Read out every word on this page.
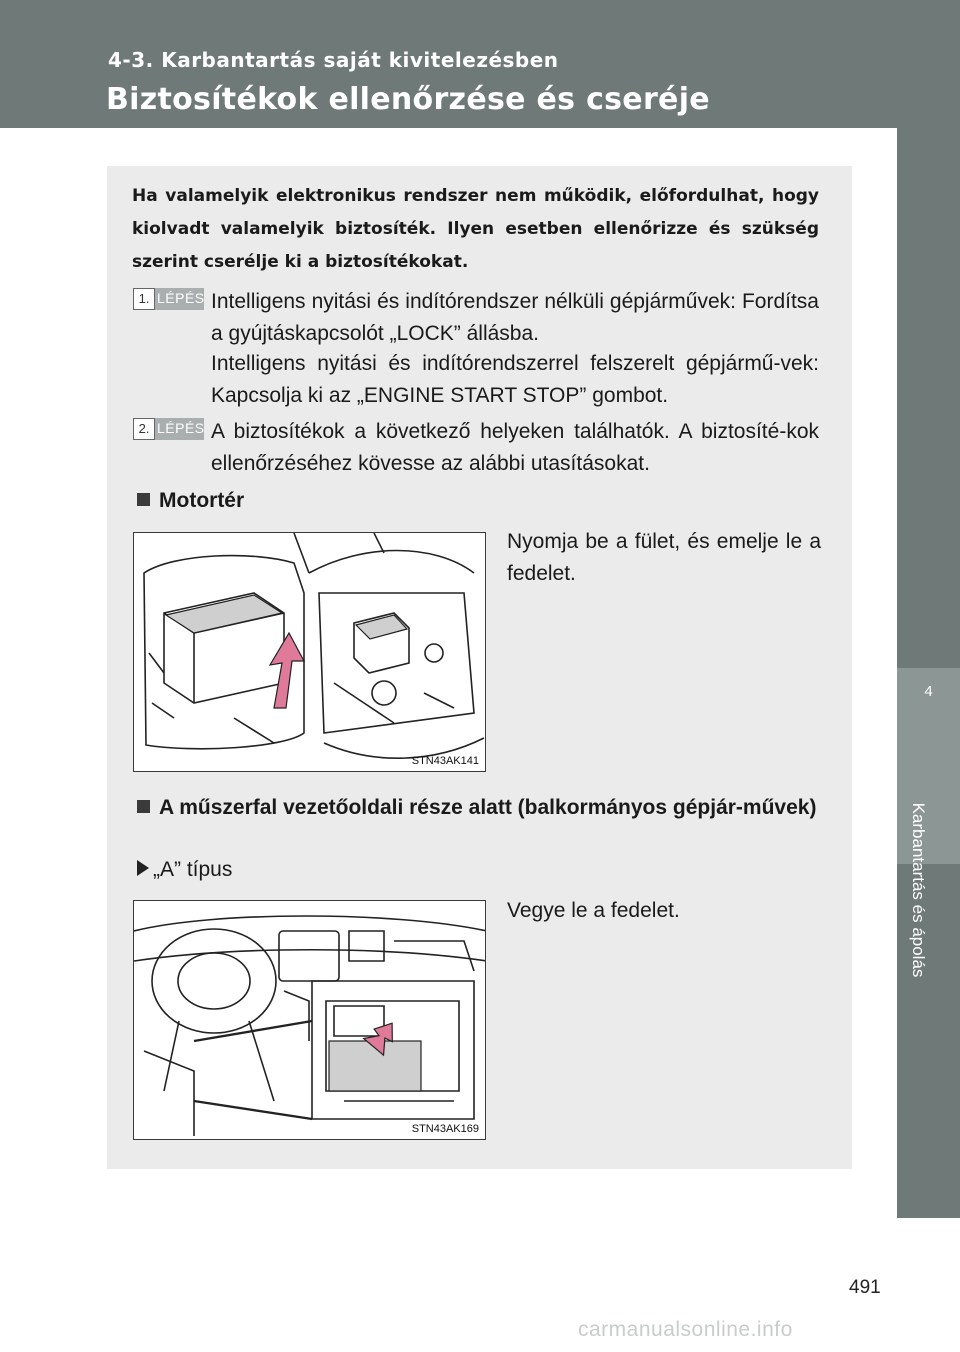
4-3. Karbantartás saját kivitelezésben
Biztosítékok ellenőrzése és cseréje
4
Karbantartás és ápolás
Ha valamelyik elektronikus rendszer nem működik, előfordulhat, hogy kiolvadt valamelyik biztosíték. Ilyen esetben ellenőrizze és szükség szerint cserélje ki a biztosítékokat.
1. LÉPÉS Intelligens nyitási és indítórendszer nélküli gépjárművek: Fordítsa a gyújtáskapcsolót „LOCK” állásba.
Intelligens nyitási és indítórendszerrel felszerelt gépjármű-vek: Kapcsolja ki az „ENGINE START STOP” gombot.
2. LÉPÉS A biztosítékok a következő helyeken találhatók. A biztosíté-kok ellenőrzéséhez kövesse az alábbi utasításokat.
Motortér
Nyomja be a fület, és emelje le a fedelet.
STN43AK141
A műszerfal vezetőoldali része alatt (balkormányos gépjár-művek)
„A” típus
Vegye le a fedelet.
STN43AK169
491
carmanualsonline.info
